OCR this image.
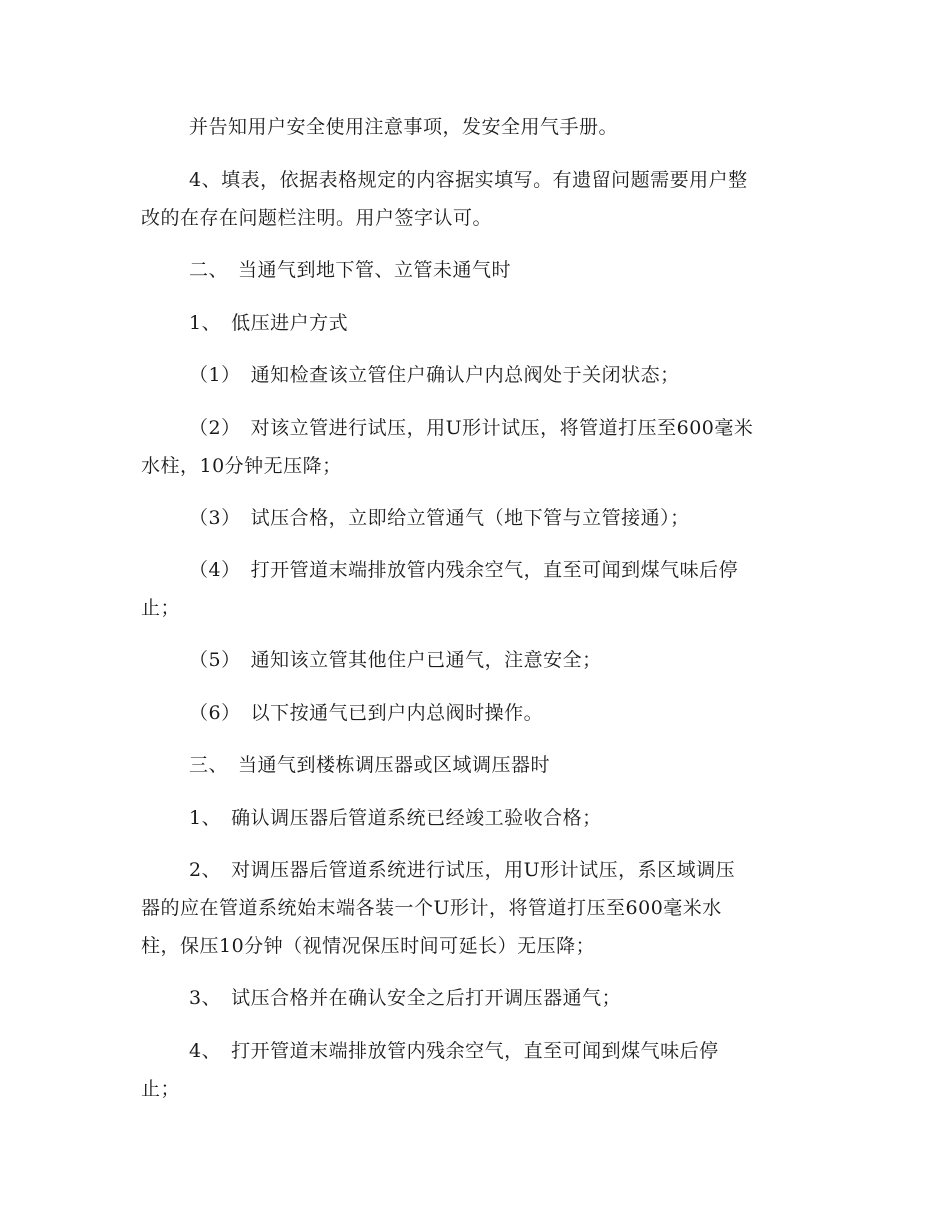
并告知用户安全使用注意事项，发安全用气手册。
4、填表，依据表格规定的内容据实填写。有遗留问题需要用户整
改的在存在问题栏注明。用户签字认可。
二、　当通气到地下管、立管未通气时
1、　低压进户方式
（1）　通知检查该立管住户确认户内总阀处于关闭状态；
（2）　对该立管进行试压，用U形计试压，将管道打压至600毫米
水柱，10分钟无压降；
（3）　试压合格，立即给立管通气（地下管与立管接通）；
（4）　打开管道末端排放管内残余空气，直至可闻到煤气味后停
止；
（5）　通知该立管其他住户已通气，注意安全；
（6）　以下按通气已到户内总阀时操作。
三、　当通气到楼栋调压器或区域调压器时
1、　确认调压器后管道系统已经竣工验收合格；
2、　对调压器后管道系统进行试压，用U形计试压，系区域调压
器的应在管道系统始末端各装一个U形计，将管道打压至600毫米水
柱，保压10分钟（视情况保压时间可延长）无压降；
3、　试压合格并在确认安全之后打开调压器通气；
4、　打开管道末端排放管内残余空气，直至可闻到煤气味后停
止；
